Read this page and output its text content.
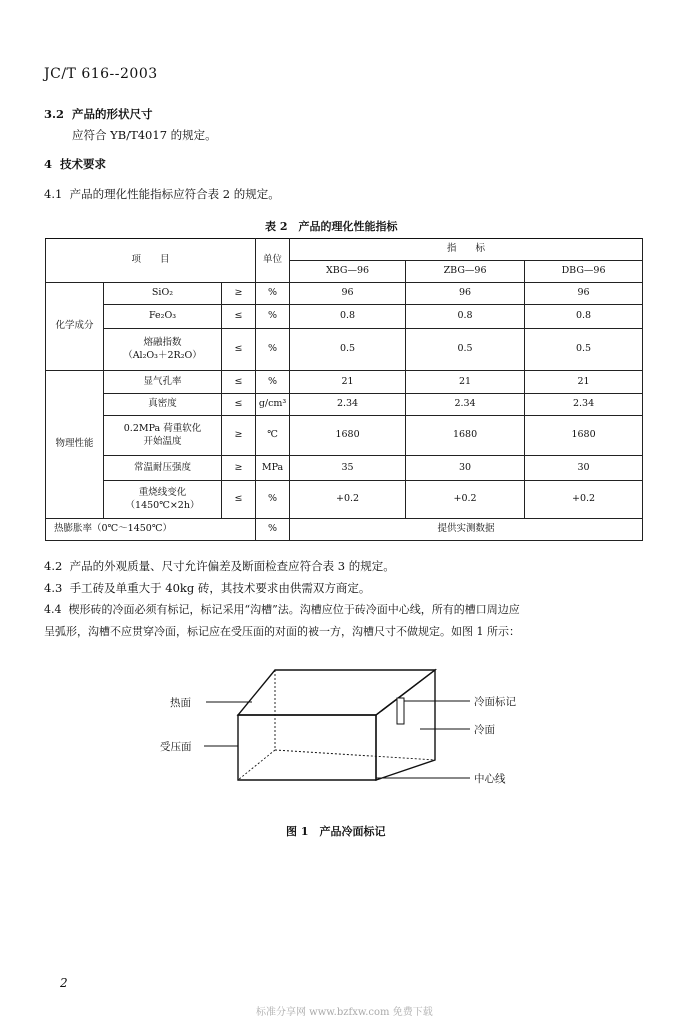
JC/T 616--2003
3.2 产品的形状尺寸
应符合 YB/T4017 的规定。
4 技术要求
4.1 产品的理化性能指标应符合表 2 的规定。
表 2　产品的理化性能指标
项　　目			单位	指　　标		
				XBG—96	ZBG—96	DBG—96
化学成分	SiO₂	≥	%	96	96	96
	Fe₂O₃	≤	%	0.8	0.8	0.8
	熔融指数
（Al₂O₃＋2R₂O）	≤	%	0.5	0.5	0.5
物理性能	显气孔率	≤	%	21	21	21
	真密度	≤	g/cm³	2.34	2.34	2.34
	0.2MPa 荷重软化
开始温度	≥	℃	1680	1680	1680
	常温耐压强度	≥	MPa	35	30	30
	重烧线变化
（1450℃×2h）	≤	%	+0.2	+0.2	+0.2
热膨胀率（0℃～1450℃）			%	提供实测数据		
4.2 产品的外观质量、尺寸允许偏差及断面检查应符合表 3 的规定。
4.3 手工砖及单重大于 40kg 砖，其技术要求由供需双方商定。
4.4 楔形砖的冷面必须有标记，标记采用“沟槽”法。沟槽应位于砖冷面中心线，所有的槽口周边应
呈弧形，沟槽不应贯穿冷面，标记应在受压面的对面的被一方，沟槽尺寸不做规定。如图 1 所示：
热面
受压面
冷面标记
冷面
中心线
图 1　产品冷面标记
2
标准分享网 www.bzfxw.com 免费下载
